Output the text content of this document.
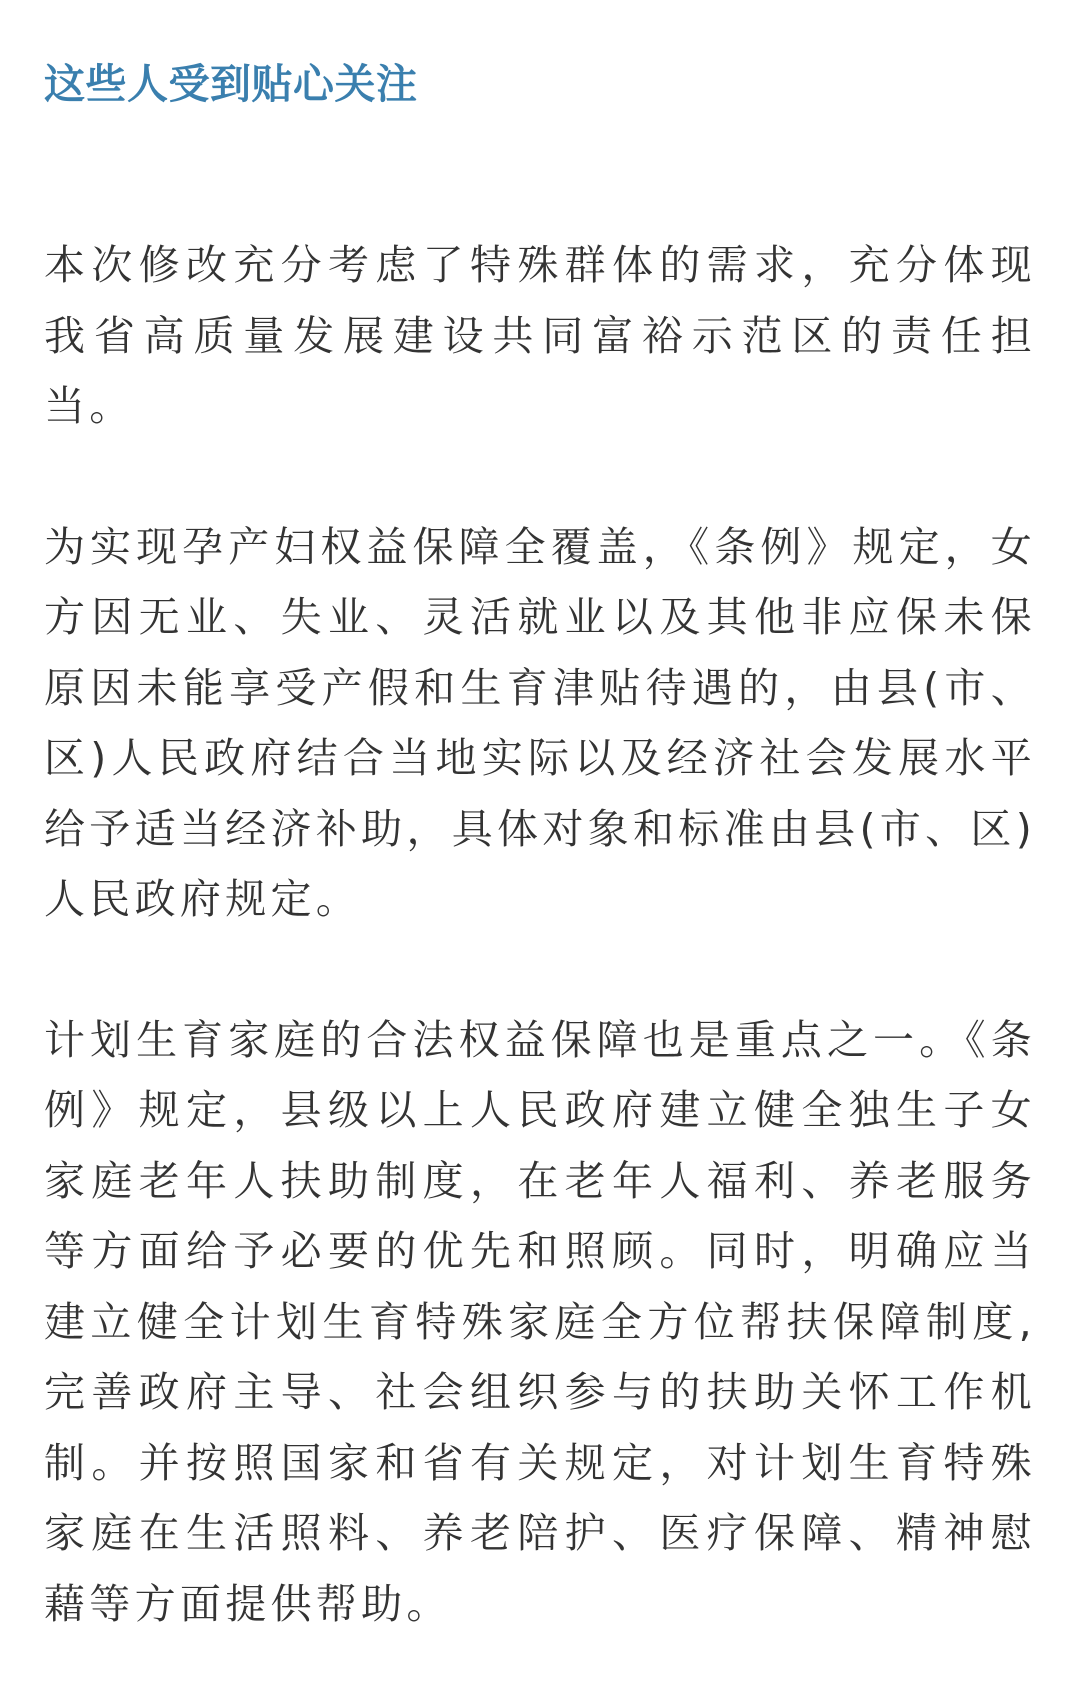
这些人受到贴心关注

本次修改充分考虑了特殊群体的需求，充分体现我省高质量发展建设共同富裕示范区的责任担当。

为实现孕产妇权益保障全覆盖，《条例》规定，女方因无业、失业、灵活就业以及其他非应保未保原因未能享受产假和生育津贴待遇的，由县(市、区)人民政府结合当地实际以及经济社会发展水平给予适当经济补助，具体对象和标准由县(市、区)人民政府规定。

计划生育家庭的合法权益保障也是重点之一。《条例》规定，县级以上人民政府建立健全独生子女家庭老年人扶助制度，在老年人福利、养老服务等方面给予必要的优先和照顾。同时，明确应当建立健全计划生育特殊家庭全方位帮扶保障制度,完善政府主导、社会组织参与的扶助关怀工作机制。并按照国家和省有关规定，对计划生育特殊家庭在生活照料、养老陪护、医疗保障、精神慰藉等方面提供帮助。
